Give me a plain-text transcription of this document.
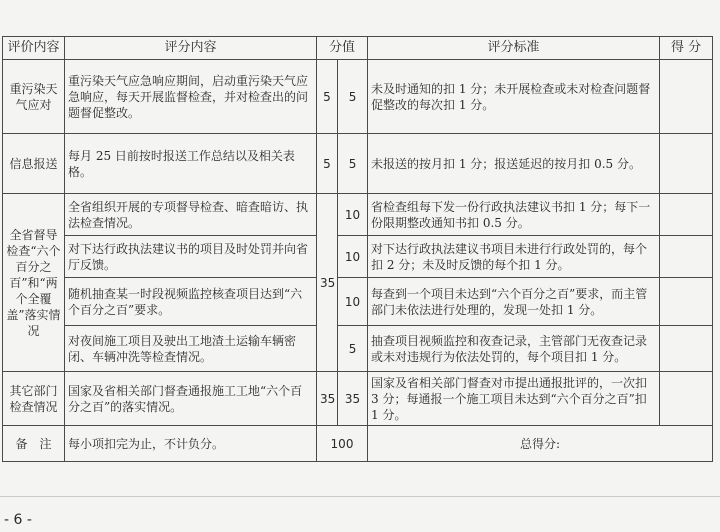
评价内容	评分内容	分值		评分标准	得 分
重污染天气应对	重污染天气应急响应期间，启动重污染天气应急响应，每天开展监督检查，并对检查出的问题督促整改。	5	5	未及时通知的扣 1 分；未开展检查或未对检查问题督促整改的每次扣 1 分。	
信息报送	每月 25 日前按时报送工作总结以及相关表格。	5	5	未报送的按月扣 1 分；报送延迟的按月扣 0.5 分。	
全省督导检查“六个百分之百”和“两个全覆盖”落实情况	全省组织开展的专项督导检查、暗查暗访、执法检查情况。	35	10	省检查组每下发一份行政执法建议书扣 1 分；每下一份限期整改通知书扣 0.5 分。	
	对下达行政执法建议书的项目及时处罚并向省厅反馈。		10	对下达行政执法建议书项目未进行行政处罚的，每个扣 2 分；未及时反馈的每个扣 1 分。	
	随机抽查某一时段视频监控核查项目达到“六个百分之百”要求。		10	每查到一个项目未达到“六个百分之百”要求，而主管部门未依法进行处理的，发现一处扣 1 分。	
	对夜间施工项目及驶出工地渣土运输车辆密闭、车辆冲洗等检查情况。		5	抽查项目视频监控和夜查记录，主管部门无夜查记录或未对违规行为依法处罚的，每个项目扣 1 分。	
其它部门检查情况	国家及省相关部门督查通报施工工地“六个百分之百”的落实情况。	35	35	国家及省相关部门督查对市提出通报批评的，一次扣 3 分；每通报一个施工项目未达到“六个百分之百”扣 1 分。	
备　注	每小项扣完为止，不计负分。	100		总得分:	
- 6 -
